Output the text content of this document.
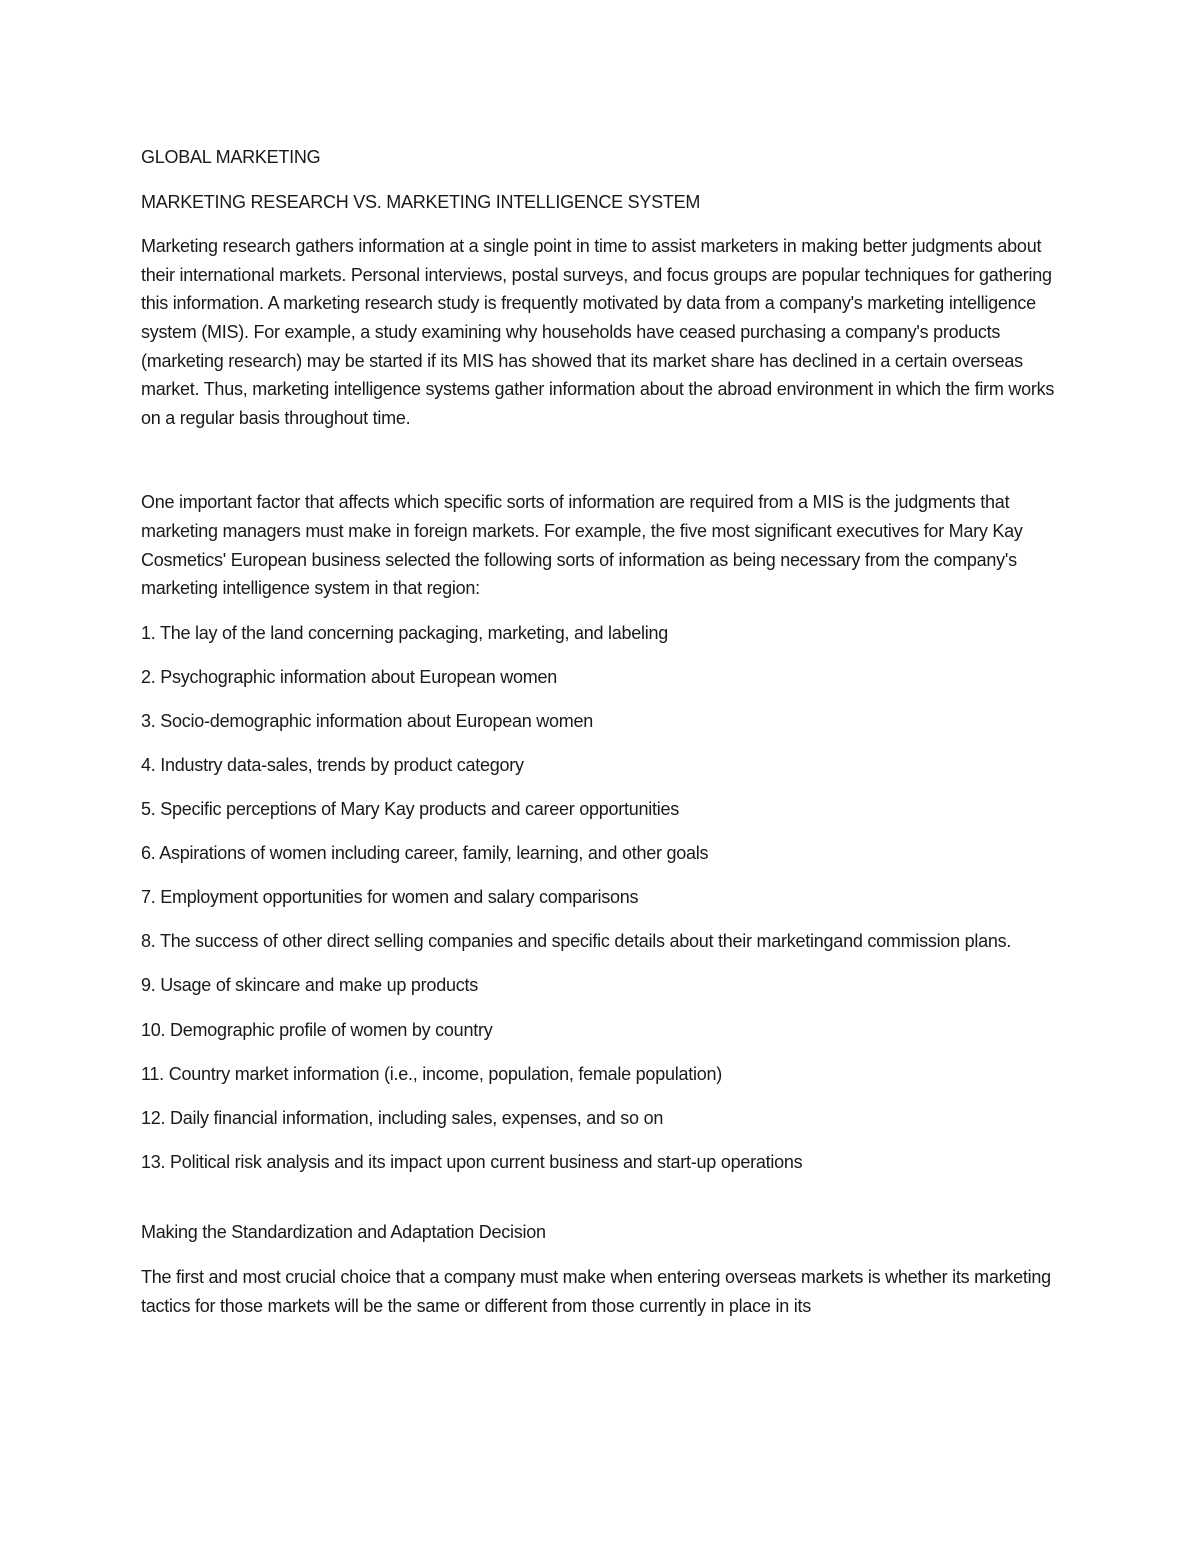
GLOBAL MARKETING

MARKETING RESEARCH VS. MARKETING INTELLIGENCE SYSTEM

Marketing research gathers information at a single point in time to assist marketers in making better judgments about their international markets. Personal interviews, postal surveys, and focus groups are popular techniques for gathering this information. A marketing research study is frequently motivated by data from a company's marketing intelligence system (MIS). For example, a study examining why households have ceased purchasing a company's products (marketing research) may be started if its MIS has showed that its market share has declined in a certain overseas market. Thus, marketing intelligence systems gather information about the abroad environment in which the firm works on a regular basis throughout time.

One important factor that affects which specific sorts of information are required from a MIS is the judgments that marketing managers must make in foreign markets. For example, the five most significant executives for Mary Kay Cosmetics' European business selected the following sorts of information as being necessary from the company's marketing intelligence system in that region:

1. The lay of the land concerning packaging, marketing, and labeling
2. Psychographic information about European women
3. Socio-demographic information about European women
4. Industry data-sales, trends by product category
5. Specific perceptions of Mary Kay products and career opportunities
6. Aspirations of women including career, family, learning, and other goals
7. Employment opportunities for women and salary comparisons
8. The success of other direct selling companies and specific details about their marketingand commission plans.
9. Usage of skincare and make up products
10. Demographic profile of women by country
11. Country market information (i.e., income, population, female population)
12. Daily financial information, including sales, expenses, and so on
13. Political risk analysis and its impact upon current business and start-up operations

Making the Standardization and Adaptation Decision

The first and most crucial choice that a company must make when entering overseas markets is whether its marketing tactics for those markets will be the same or different from those currently in place in its
